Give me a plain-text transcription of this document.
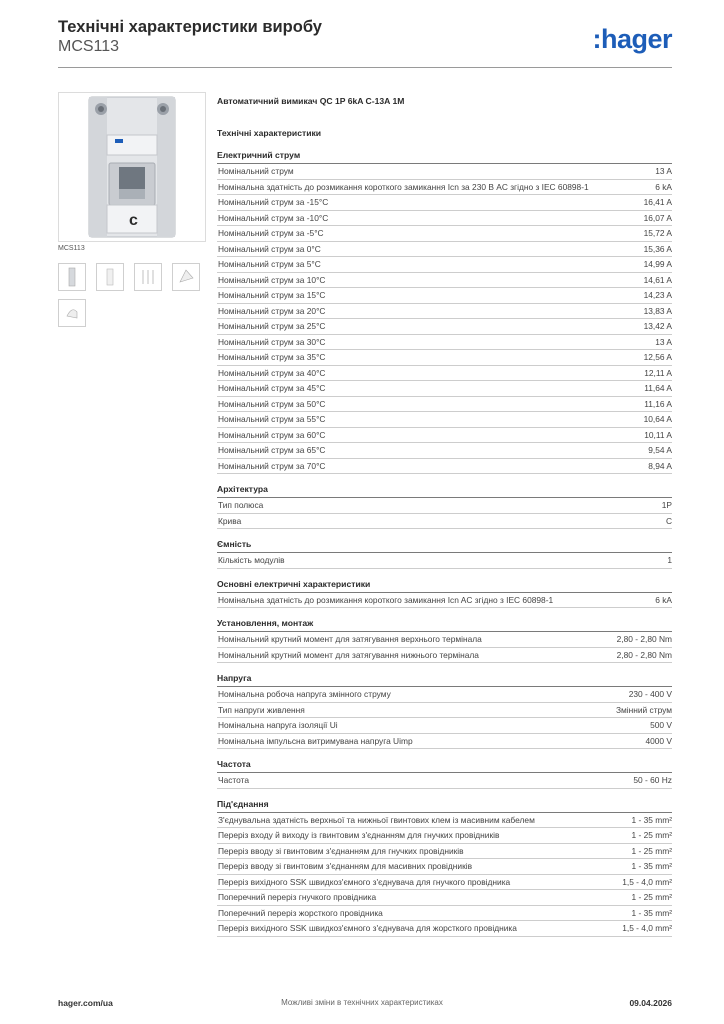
Технічні характеристики виробу
MCS113	:hager
c
MCS113
Автоматичний вимикач QC 1P 6kA C-13A 1M
Технічні характеристики
Електричний струм
Номінальний струм	13 A
Номінальна здатність до розмикання короткого замикання Icn за 230 В AC згідно з IEC 60898-1	6 kA
Номінальний струм за -15°C	16,41 A
Номінальний струм за -10°C	16,07 A
Номінальний струм за -5°C	15,72 A
Номінальний струм за 0°C	15,36 A
Номінальний струм за 5°C	14,99 A
Номінальний струм за 10°C	14,61 A
Номінальний струм за 15°C	14,23 A
Номінальний струм за 20°C	13,83 A
Номінальний струм за 25°C	13,42 A
Номінальний струм за 30°C	13 A
Номінальний струм за 35°C	12,56 A
Номінальний струм за 40°C	12,11 A
Номінальний струм за 45°C	11,64 A
Номінальний струм за 50°C	11,16 A
Номінальний струм за 55°C	10,64 A
Номінальний струм за 60°C	10,11 A
Номінальний струм за 65°C	9,54 A
Номінальний струм за 70°C	8,94 A
Архітектура
Тип полюса	1P
Крива	C
Ємність
Кількість модулів	1
Основні електричні характеристики
Номінальна здатність до розмикання короткого замикання Icn AC згідно з IEC 60898-1	6 kA
Установлення, монтаж
Номінальний крутний момент для затягування верхнього термінала	2,80 - 2,80 Nm
Номінальний крутний момент для затягування нижнього термінала	2,80 - 2,80 Nm
Напруга
Номінальна робоча напруга змінного струму	230 - 400 V
Тип напруги живлення	Змінний струм
Номінальна напруга ізоляції Ui	500 V
Номінальна імпульсна витримувана напруга Uimp	4000 V
Частота
Частота	50 - 60 Hz
Під'єднання
З'єднувальна здатність верхньої та нижньої гвинтових клем із масивним кабелем	1 - 35 mm²
Переріз входу й виходу із гвинтовим з'єднанням для гнучких провідників	1 - 25 mm²
Переріз вводу зі гвинтовим з'єднанням для гнучких провідників	1 - 25 mm²
Переріз вводу зі гвинтовим з'єднанням для масивних провідників	1 - 35 mm²
Переріз вихідного SSK швидкоз'ємного з'єднувача для гнучкого провідника	1,5 - 4,0 mm²
Поперечний переріз гнучкого провідника	1 - 25 mm²
Поперечний переріз жорсткого провідника	1 - 35 mm²
Переріз вихідного SSK швидкоз'ємного з'єднувача для жорсткого провідника	1,5 - 4,0 mm²
hager.com/ua	Можливі зміни в технічних характеристиках	09.04.2026
